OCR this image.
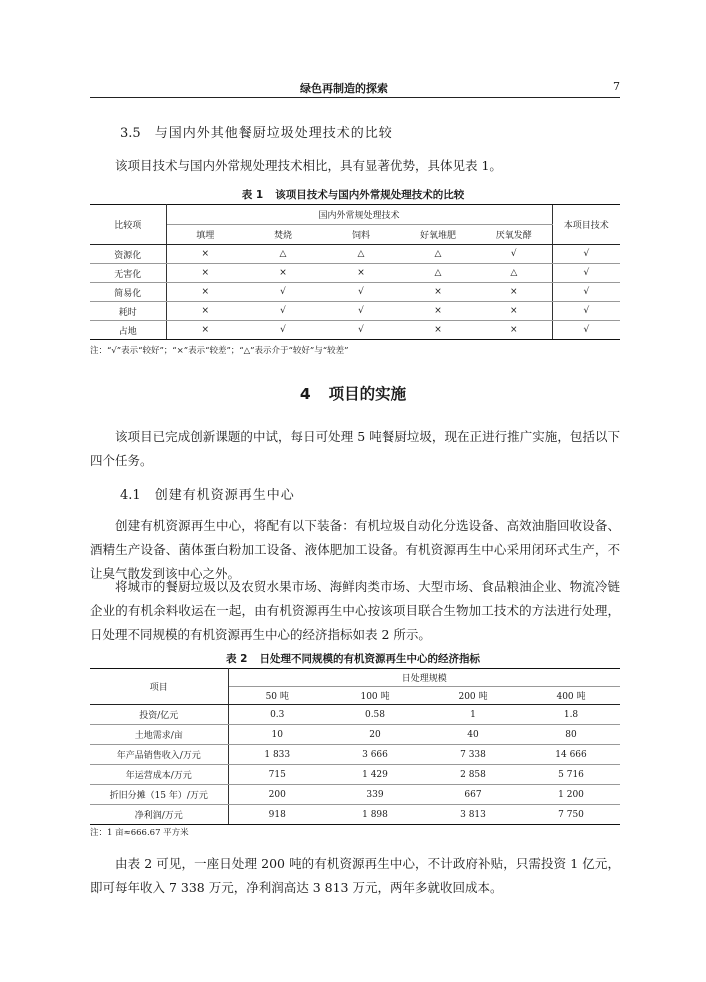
绿色再制造的探索	7
3.5 与国内外其他餐厨垃圾处理技术的比较
该项目技术与国内外常规处理技术相比，具有显著优势，具体见表 1。
表 1 该项目技术与国内外常规处理技术的比较
比较项	国内外常规处理技术					本项目技术
	填埋	焚烧	饲料	好氧堆肥	厌氧发酵	
资源化	×	△	△	△	√	√
无害化	×	×	×	△	△	√
简易化	×	√	√	×	×	√
耗时	×	√	√	×	×	√
占地	×	√	√	×	×	√
注：“√”表示“较好”；“×”表示“较差”；“△”表示介于“较好”与“较差”
4 项目的实施
该项目已完成创新课题的中试，每日可处理 5 吨餐厨垃圾，现在正进行推广实施，包括以下四个任务。
4.1 创建有机资源再生中心
创建有机资源再生中心，将配有以下装备：有机垃圾自动化分选设备、高效油脂回收设备、酒精生产设备、菌体蛋白粉加工设备、液体肥加工设备。有机资源再生中心采用闭环式生产，不让臭气散发到该中心之外。
将城市的餐厨垃圾以及农贸水果市场、海鲜肉类市场、大型市场、食品粮油企业、物流冷链企业的有机余料收运在一起，由有机资源再生中心按该项目联合生物加工技术的方法进行处理，日处理不同规模的有机资源再生中心的经济指标如表 2 所示。
表 2 日处理不同规模的有机资源再生中心的经济指标
项目	日处理规模			
	50 吨	100 吨	200 吨	400 吨
投资/亿元	0.3	0.58	1	1.8
土地需求/亩	10	20	40	80
年产品销售收入/万元	1 833	3 666	7 338	14 666
年运营成本/万元	715	1 429	2 858	5 716
折旧分摊（15 年）/万元	200	339	667	1 200
净利润/万元	918	1 898	3 813	7 750
注：1 亩≈666.67 平方米
由表 2 可见，一座日处理 200 吨的有机资源再生中心，不计政府补贴，只需投资 1 亿元，即可每年收入 7 338 万元，净利润高达 3 813 万元，两年多就收回成本。
